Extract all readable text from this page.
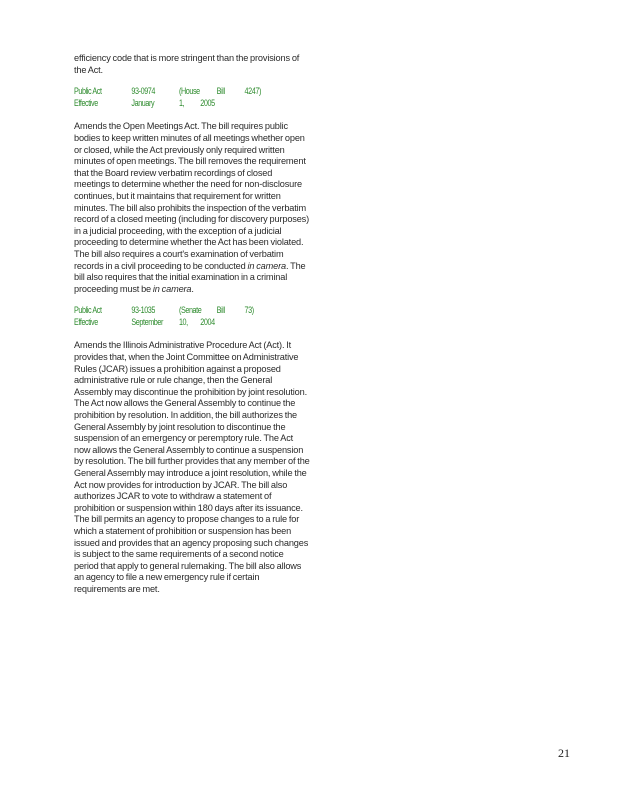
efficiency code that is more stringent than the provisions of the Act.

Public Act	93-0974	(House Bill 4247)

Effective	January	1, 2005

Amends the Open Meetings Act. The bill requires public bodies to keep written minutes of all meetings whether open or closed, while the Act previously only required written minutes of open meetings. The bill removes the requirement that the Board review verbatim recordings of closed meetings to determine whether the need for non-disclosure continues, but it maintains that requirement for written minutes. The bill also prohibits the inspection of the verbatim record of a closed meeting (including for discovery purposes) in a judicial proceeding, with the exception of a judicial proceeding to determine whether the Act has been violated. The bill also requires a court's examination of verbatim records in a civil proceeding to be conducted in camera. The bill also requires that the initial examination in a criminal proceeding must be in camera.

Public Act	93-1035	(Senate Bill 73)

Effective	September 10, 2004

Amends the Illinois Administrative Procedure Act (Act). It provides that, when the Joint Committee on Administrative Rules (JCAR) issues a prohibition against a proposed administrative rule or rule change, then the General Assembly may discontinue the prohibition by joint resolution. The Act now allows the General Assembly to continue the prohibition by resolution. In addition, the bill authorizes the General Assembly by joint resolution to discontinue the suspension of an emergency or peremptory rule. The Act now allows the General Assembly to continue a suspension by resolution. The bill further provides that any member of the General Assembly may introduce a joint resolution, while the Act now provides for introduction by JCAR. The bill also authorizes JCAR to vote to withdraw a statement of prohibition or suspension within 180 days after its issuance. The bill permits an agency to propose changes to a rule for which a statement of prohibition or suspension has been issued and provides that an agency proposing such changes is subject to the same requirements of a second notice period that apply to general rulemaking. The bill also allows an agency to file a new emergency rule if certain requirements are met.

21
